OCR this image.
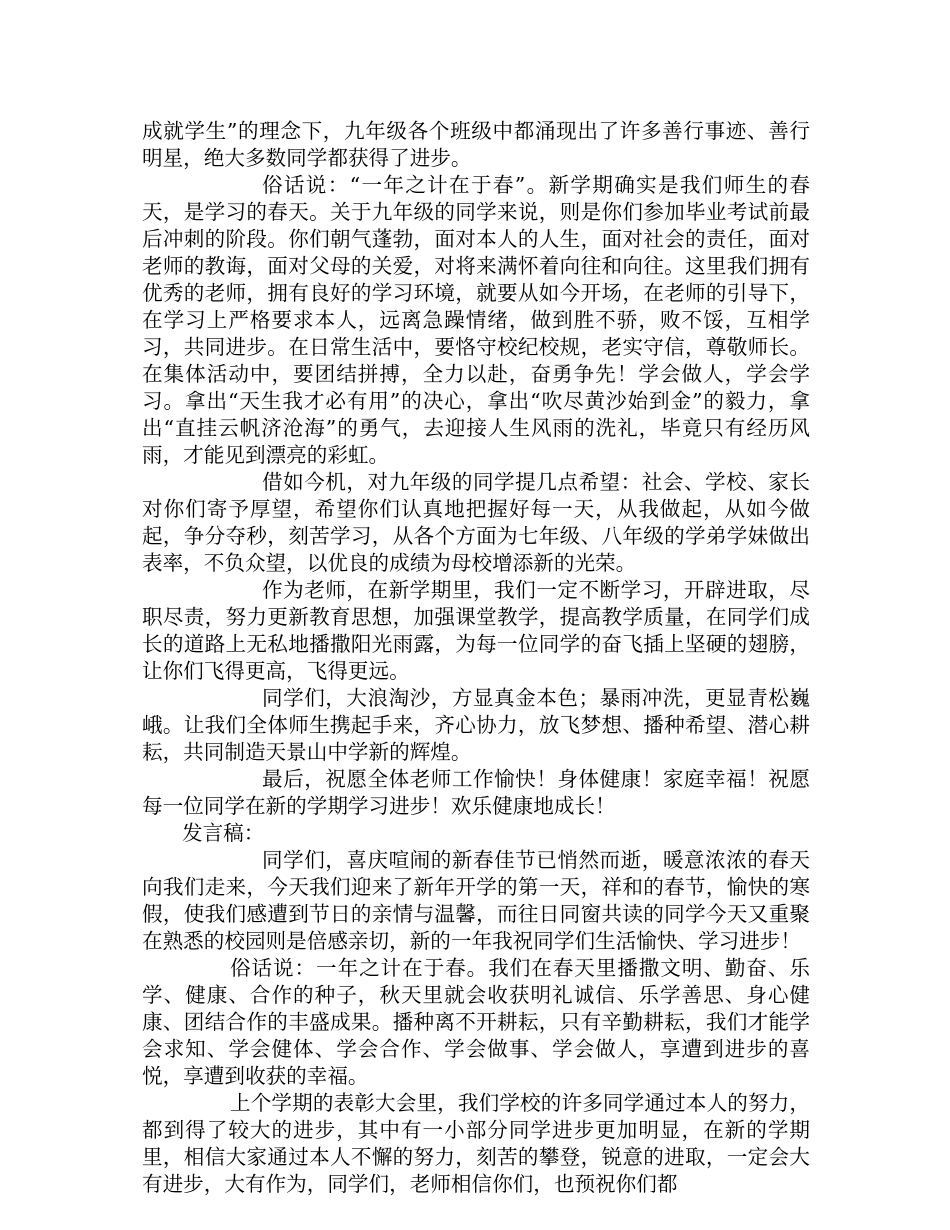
成就学生”的理念下，九年级各个班级中都涌现出了许多善行事迹、善行明星，绝大多数同学都获得了进步。

俗话说：“一年之计在于春”。新学期确实是我们师生的春天，是学习的春天。关于九年级的同学来说，则是你们参加毕业考试前最后冲刺的阶段。你们朝气蓬勃，面对本人的人生，面对社会的责任，面对老师的教诲，面对父母的关爱，对将来满怀着向往和向往。这里我们拥有优秀的老师，拥有良好的学习环境，就要从如今开场，在老师的引导下，在学习上严格要求本人，远离急躁情绪，做到胜不骄，败不馁，互相学习，共同进步。在日常生活中，要恪守校纪校规，老实守信，尊敬师长。在集体活动中，要团结拼搏，全力以赴，奋勇争先！学会做人，学会学习。拿出“天生我才必有用”的决心，拿出“吹尽黄沙始到金”的毅力，拿出“直挂云帆济沧海”的勇气，去迎接人生风雨的洗礼，毕竟只有经历风雨，才能见到漂亮的彩虹。

借如今机，对九年级的同学提几点希望：社会、学校、家长对你们寄予厚望，希望你们认真地把握好每一天，从我做起，从如今做起，争分夺秒，刻苦学习，从各个方面为七年级、八年级的学弟学妹做出表率，不负众望，以优良的成绩为母校增添新的光荣。

作为老师，在新学期里，我们一定不断学习，开辟进取，尽职尽责，努力更新教育思想，加强课堂教学，提高教学质量，在同学们成长的道路上无私地播撒阳光雨露，为每一位同学的奋飞插上坚硬的翅膀，让你们飞得更高，飞得更远。

同学们，大浪淘沙，方显真金本色；暴雨冲洗，更显青松巍峨。让我们全体师生携起手来，齐心协力，放飞梦想、播种希望、潜心耕耘，共同制造天景山中学新的辉煌。

最后，祝愿全体老师工作愉快！身体健康！家庭幸福！祝愿每一位同学在新的学期学习进步！欢乐健康地成长！

发言稿：

同学们，喜庆喧闹的新春佳节已悄然而逝，暖意浓浓的春天向我们走来，今天我们迎来了新年开学的第一天，祥和的春节，愉快的寒假，使我们感遭到节日的亲情与温馨，而往日同窗共读的同学今天又重聚在熟悉的校园则是倍感亲切，新的一年我祝同学们生活愉快、学习进步！

俗话说：一年之计在于春。我们在春天里播撒文明、勤奋、乐学、健康、合作的种子，秋天里就会收获明礼诚信、乐学善思、身心健康、团结合作的丰盛成果。播种离不开耕耘，只有辛勤耕耘，我们才能学会求知、学会健体、学会合作、学会做事、学会做人，享遭到进步的喜悦，享遭到收获的幸福。

上个学期的表彰大会里，我们学校的许多同学通过本人的努力，都到得了较大的进步，其中有一小部分同学进步更加明显，在新的学期里，相信大家通过本人不懈的努力，刻苦的攀登，锐意的进取，一定会大有进步，大有作为，同学们，老师相信你们，也预祝你们都
